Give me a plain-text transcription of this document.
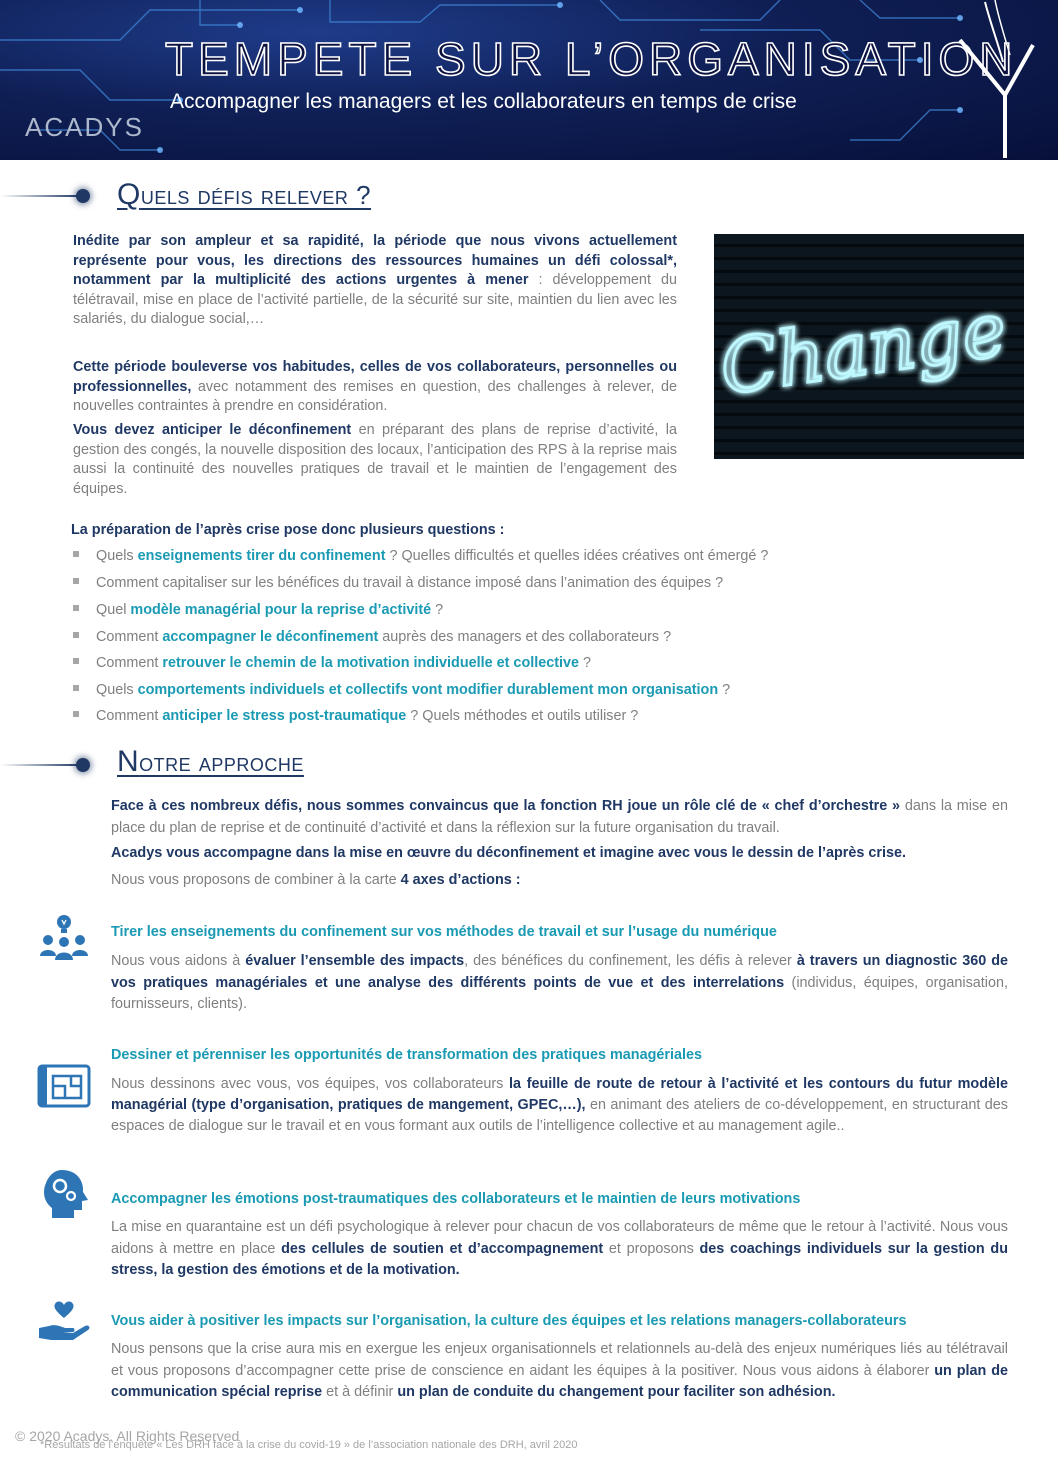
TEMPETE SUR L’ORGANISATION
Accompagner les managers et les collaborateurs en temps de crise
ACADYS
Quels défis relever ?
Inédite par son ampleur et sa rapidité, la période que nous vivons actuellement représente pour vous, les directions des ressources humaines un défi colossal*, notamment par la multiplicité des actions urgentes à mener : développement du télétravail, mise en place de l’activité partielle, de la sécurité sur site, maintien du lien avec les salariés, du dialogue social,…
Cette période bouleverse vos habitudes, celles de vos collaborateurs, personnelles ou professionnelles, avec notamment des remises en question, des challenges à relever, de nouvelles contraintes à prendre en considération.
Vous devez anticiper le déconfinement en préparant des plans de reprise d’activité, la gestion des congés, la nouvelle disposition des locaux, l’anticipation des RPS à la reprise mais aussi la continuité des nouvelles pratiques de travail et le maintien de l’engagement des équipes.
Change
La préparation de l’après crise pose donc plusieurs questions :
Quels enseignements tirer du confinement ? Quelles difficultés et quelles idées créatives ont émergé ?
Comment capitaliser sur les bénéfices du travail à distance imposé dans l’animation des équipes ?
Quel modèle managérial pour la reprise d’activité ?
Comment accompagner le déconfinement auprès des managers et des collaborateurs ?
Comment retrouver le chemin de la motivation individuelle et collective ?
Quels comportements individuels et collectifs vont modifier durablement mon organisation ?
Comment anticiper le stress post-traumatique ? Quels méthodes et outils utiliser ?
Notre approche
Face à ces nombreux défis, nous sommes convaincus que la fonction RH joue un rôle clé de « chef d’orchestre » dans la mise en place du plan de reprise et de continuité d’activité et dans la réflexion sur la future organisation du travail.
Acadys vous accompagne dans la mise en œuvre du déconfinement et imagine avec vous le dessin de l’après crise.
Nous vous proposons de combiner à la carte 4 axes d’actions :
Tirer les enseignements du confinement sur vos méthodes de travail et sur l’usage du numérique
Nous vous aidons à évaluer l’ensemble des impacts, des bénéfices du confinement, les défis à relever à travers un diagnostic 360 de vos pratiques managériales et une analyse des différents points de vue et des interrelations (individus, équipes, organisation, fournisseurs, clients).
Dessiner et pérenniser les opportunités de transformation des pratiques managériales
Nous dessinons avec vous, vos équipes, vos collaborateurs la feuille de route de retour à l’activité et les contours du futur modèle managérial (type d’organisation, pratiques de mangement, GPEC,…), en animant des ateliers de co-développement, en structurant des espaces de dialogue sur le travail et en vous formant aux outils de l’intelligence collective et au management agile..
Accompagner les émotions post-traumatiques des collaborateurs et le maintien de leurs motivations
La mise en quarantaine est un défi psychologique à relever pour chacun de vos collaborateurs de même que le retour à l’activité. Nous vous aidons à mettre en place des cellules de soutien et d’accompagnement et proposons des coachings individuels sur la gestion du stress, la gestion des émotions et de la motivation.
Vous aider à positiver les impacts sur l’organisation, la culture des équipes et les relations managers-collaborateurs
Nous pensons que la crise aura mis en exergue les enjeux organisationnels et relationnels au-delà des enjeux numériques liés au télétravail et vous proposons d’accompagner cette prise de conscience en aidant les équipes à la positiver. Nous vous aidons à élaborer un plan de communication spécial reprise et à définir un plan de conduite du changement pour faciliter son adhésion.
*Résultats de l’enquête « Les DRH face à la crise du covid-19 » de l’association nationale des DRH, avril 2020
© 2020 Acadys. All Rights Reserved
